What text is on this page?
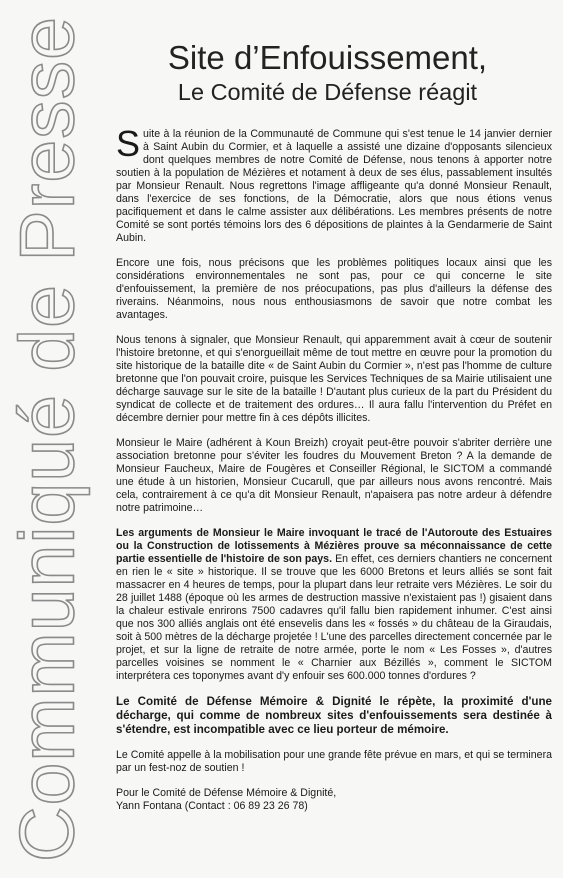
Communiqué de Presse	Site d’Enfouissement,
Le Comité de Défense réagit

Suite à la réunion de la Communauté de Commune qui s'est tenue le 14 janvier dernier à Saint Aubin du Cormier, et à laquelle a assisté une dizaine d'opposants silencieux dont quelques membres de notre Comité de Défense, nous tenons à apporter notre soutien à la population de Mézières et notament à deux de ses élus, passablement insultés par Monsieur Renault. Nous regrettons l'image affligeante qu'a donné Monsieur Renault, dans l'exercice de ses fonctions, de la Démocratie, alors que nous étions venus pacifiquement et dans le calme assister aux délibérations. Les membres présents de notre Comité se sont portés témoins lors des 6 dépositions de plaintes à la Gendarmerie de Saint Aubin.

Encore une fois, nous précisons que les problèmes politiques locaux ainsi que les considérations environnementales ne sont pas, pour ce qui concerne le site d'enfouissement, la première de nos préocupations, pas plus d'ailleurs la défense des riverains. Néanmoins, nous nous enthousiasmons de savoir que notre combat les avantages.

Nous tenons à signaler, que Monsieur Renault, qui apparemment avait à cœur de soutenir l'histoire bretonne, et qui s'enorgueillait même de tout mettre en œuvre pour la promotion du site historique de la bataille dite « de Saint Aubin du Cormier », n'est pas l'homme de culture bretonne que l'on pouvait croire, puisque les Services Techniques de sa Mairie utilisaient une décharge sauvage sur le site de la bataille ! D'autant plus curieux de la part du Président du syndicat de collecte et de traitement des ordures… Il aura fallu l'intervention du Préfet en décembre dernier pour mettre fin à ces dépôts illicites.

Monsieur le Maire (adhérent à Koun Breizh) croyait peut-être pouvoir s'abriter derrière une association bretonne pour s'éviter les foudres du Mouvement Breton ? A la demande de Monsieur Faucheux, Maire de Fougères et Conseiller Régional, le SICTOM a commandé une étude à un historien, Monsieur Cucarull, que par ailleurs nous avons rencontré. Mais cela, contrairement à ce qu'a dit Monsieur Renault, n'apaisera pas notre ardeur à défendre notre patrimoine…

Les arguments de Monsieur le Maire invoquant le tracé de l'Autoroute des Estuaires ou la Construction de lotissements à Mézières prouve sa méconnaissance de cette partie essentielle de l'histoire de son pays. En effet, ces derniers chantiers ne concernent en rien le « site » historique. Il se trouve que les 6000 Bretons et leurs alliés se sont fait massacrer en 4 heures de temps, pour la plupart dans leur retraite vers Mézières. Le soir du 28 juillet 1488 (époque où les armes de destruction massive n'existaient pas !) gisaient dans la chaleur estivale enrirons 7500 cadavres qu'il fallu bien rapidement inhumer. C'est ainsi que nos 300 alliés anglais ont été ensevelis dans les « fossés » du château de la Giraudais, soit à 500 mètres de la décharge projetée ! L'une des parcelles directement concernée par le projet, et sur la ligne de retraite de notre armée, porte le nom « Les Fosses », d'autres parcelles voisines se nomment le « Charnier aux Bézillés », comment le SICTOM interprétera ces toponymes avant d'y enfouir ses 600.000 tonnes d'ordures ?

Le Comité de Défense Mémoire & Dignité le répète, la proximité d'une décharge, qui comme de nombreux sites d'enfouissements sera destinée à s'étendre, est incompatible avec ce lieu porteur de mémoire.

Le Comité appelle à la mobilisation pour une grande fête prévue en mars, et qui se terminera par un fest-noz de soutien !

Pour le Comité de Défense Mémoire & Dignité,
Yann Fontana (Contact : 06 89 23 26 78)
